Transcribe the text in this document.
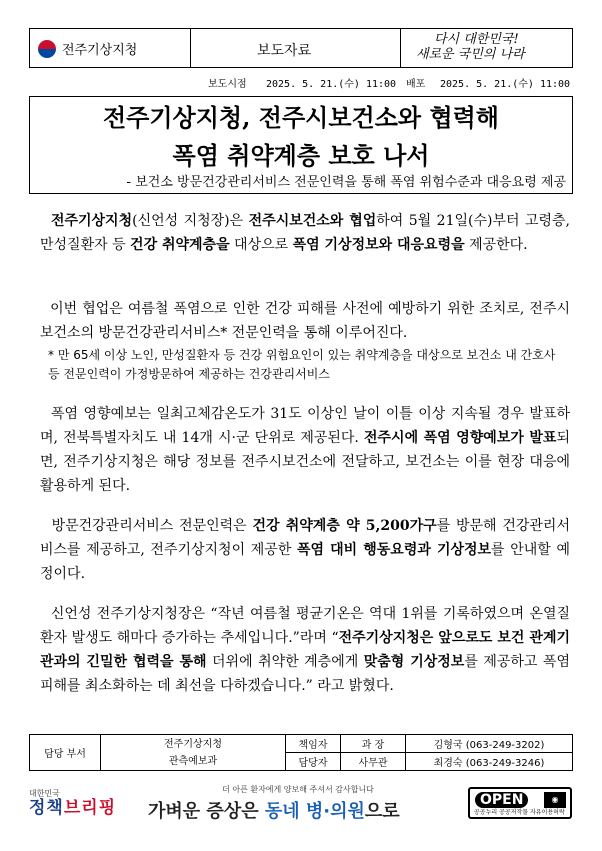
전주기상지청	보도자료
다시 대한민국!
새로운 국민의 나라
보도시점 2025. 5. 21.(수) 11:00 배포 2025. 5. 21.(수) 11:00
전주기상지청, 전주시보건소와 협력해
폭염 취약계층 보호 나서
- 보건소 방문건강관리서비스 전문인력을 통해 폭염 위험수준과 대응요령 제공
전주기상지청(신언성 지청장)은 전주시보건소와 협업하여 5월 21일(수)부터 고령층, 만성질환자 등 건강 취약계층을 대상으로 폭염 기상정보와 대응요령을 제공한다.
이번 협업은 여름철 폭염으로 인한 건강 피해를 사전에 예방하기 위한 조치로, 전주시보건소의 방문건강관리서비스* 전문인력을 통해 이루어진다.
* 만 65세 이상 노인, 만성질환자 등 건강 위험요인이 있는 취약계층을 대상으로 보건소 내 간호사 등 전문인력이 가정방문하여 제공하는 건강관리서비스
폭염 영향예보는 일최고체감온도가 31도 이상인 날이 이틀 이상 지속될 경우 발표하며, 전북특별자치도 내 14개 시·군 단위로 제공된다. 전주시에 폭염 영향예보가 발표되면, 전주기상지청은 해당 정보를 전주시보건소에 전달하고, 보건소는 이를 현장 대응에 활용하게 된다.
방문건강관리서비스 전문인력은 건강 취약계층 약 5,200가구를 방문해 건강관리서비스를 제공하고, 전주기상지청이 제공한 폭염 대비 행동요령과 기상정보를 안내할 예정이다.
신언성 전주기상지청장은 “작년 여름철 평균기온은 역대 1위를 기록하였으며 온열질환자 발생도 해마다 증가하는 추세입니다.”라며 “전주기상지청은 앞으로도 보건 관계기관과의 긴밀한 협력을 통해 더위에 취약한 계층에게 맞춤형 기상정보를 제공하고 폭염 피해를 최소화하는 데 최선을 다하겠습니다.” 라고 밝혔다.
담당 부서	전주기상지청
관측예보과	책임자	과 장	김형국 (063-249-3202)
		담당자	사무관	최경숙 (063-249-3246)
대한민국
정책브리핑
더 아픈 환자에게 양보해 주셔서 감사합니다
가벼운 증상은 동네 병·의원으로
OPEN	◉
공공누리 공공저작물 자유이용허락
